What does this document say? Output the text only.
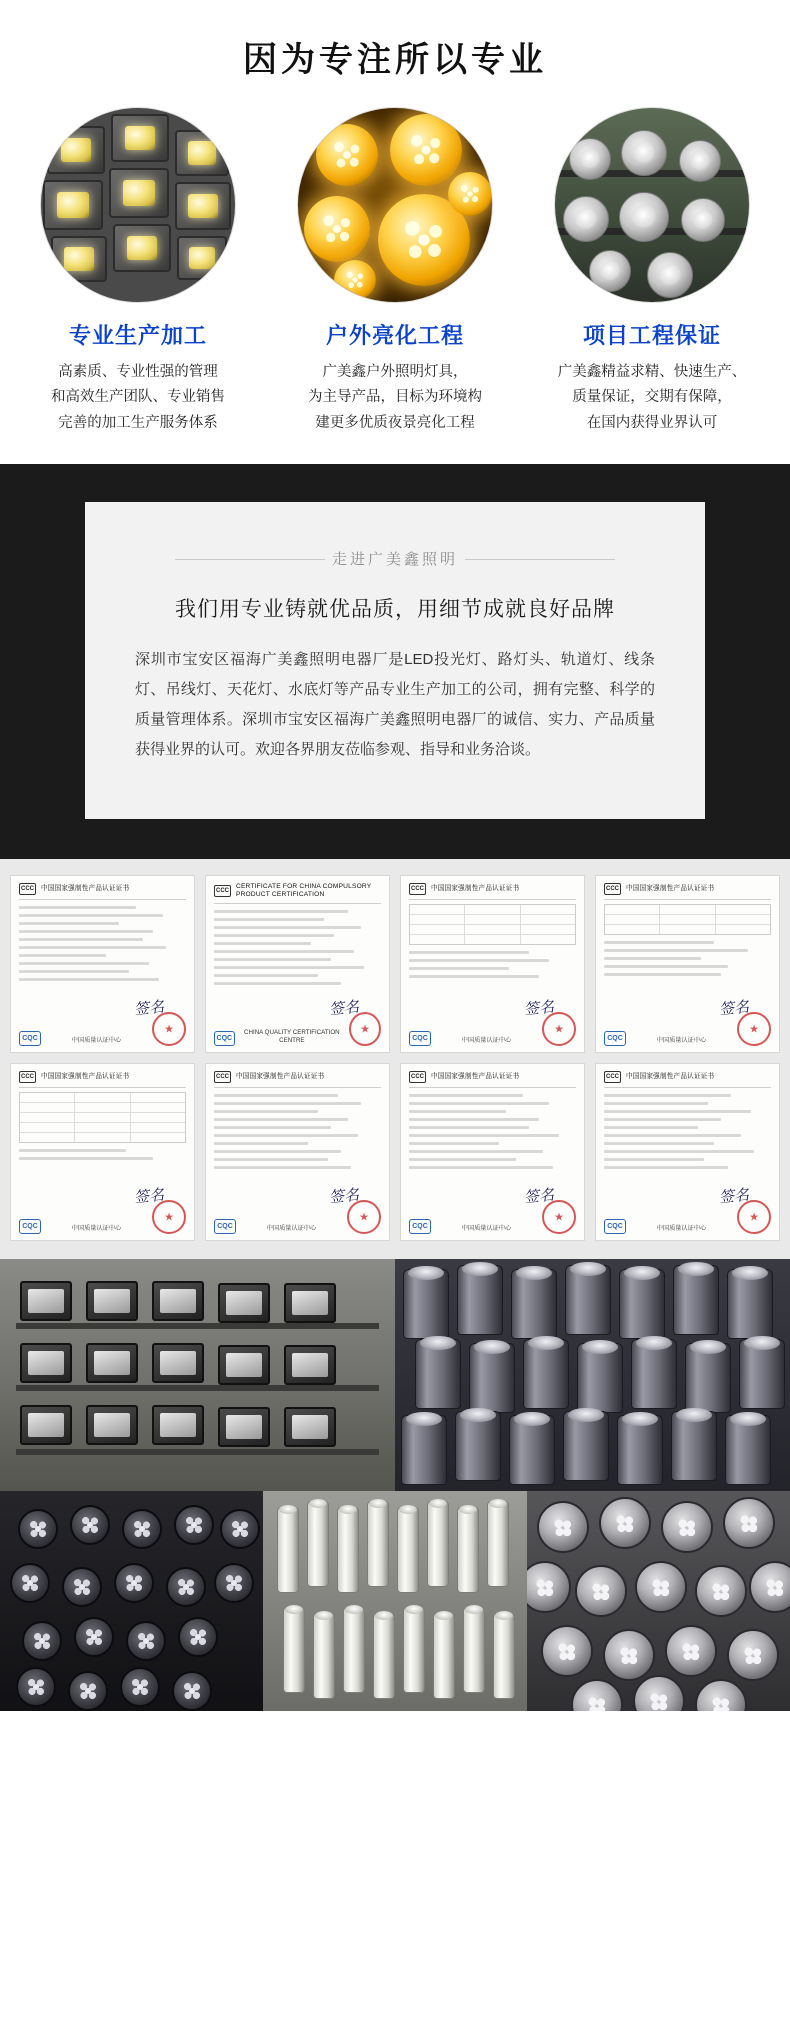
因为专注所以专业
专业生产加工
高素质、专业性强的管理
和高效生产团队、专业销售
完善的加工生产服务体系
户外亮化工程
广美鑫户外照明灯具，
为主导产品，目标为环境构
建更多优质夜景亮化工程
项目工程保证
广美鑫精益求精、快速生产、
质量保证，交期有保障，
在国内获得业界认可
走进广美鑫照明
我们用专业铸就优品质，用细节成就良好品牌

深圳市宝安区福海广美鑫照明电器厂是LED投光灯、路灯头、轨道灯、线条灯、吊线灯、天花灯、水底灯等产品专业生产加工的公司，拥有完整、科学的质量管理体系。深圳市宝安区福海广美鑫照明电器厂的诚信、实力、产品质量获得业界的认可。欢迎各界朋友莅临参观、指导和业务洽谈。

CCC	中国国家强制性产品认证证书
签名
CQC	中国质量认证中心
★
CCC
CERTIFICATE FOR CHINA COMPULSORY PRODUCT CERTIFICATION
签名
CQC
CHINA QUALITY CERTIFICATION CENTRE
★
CCC	中国国家强制性产品认证证书
签名
CQC	中国质量认证中心
★
CCC	中国国家强制性产品认证证书
签名
CQC	中国质量认证中心
★
CCC	中国国家强制性产品认证证书
签名
CQC	中国质量认证中心
★
CCC	中国国家强制性产品认证证书
签名
CQC	中国质量认证中心
★
CCC	中国国家强制性产品认证证书
签名
CQC	中国质量认证中心
★
CCC	中国国家强制性产品认证证书
签名
CQC	中国质量认证中心
★
